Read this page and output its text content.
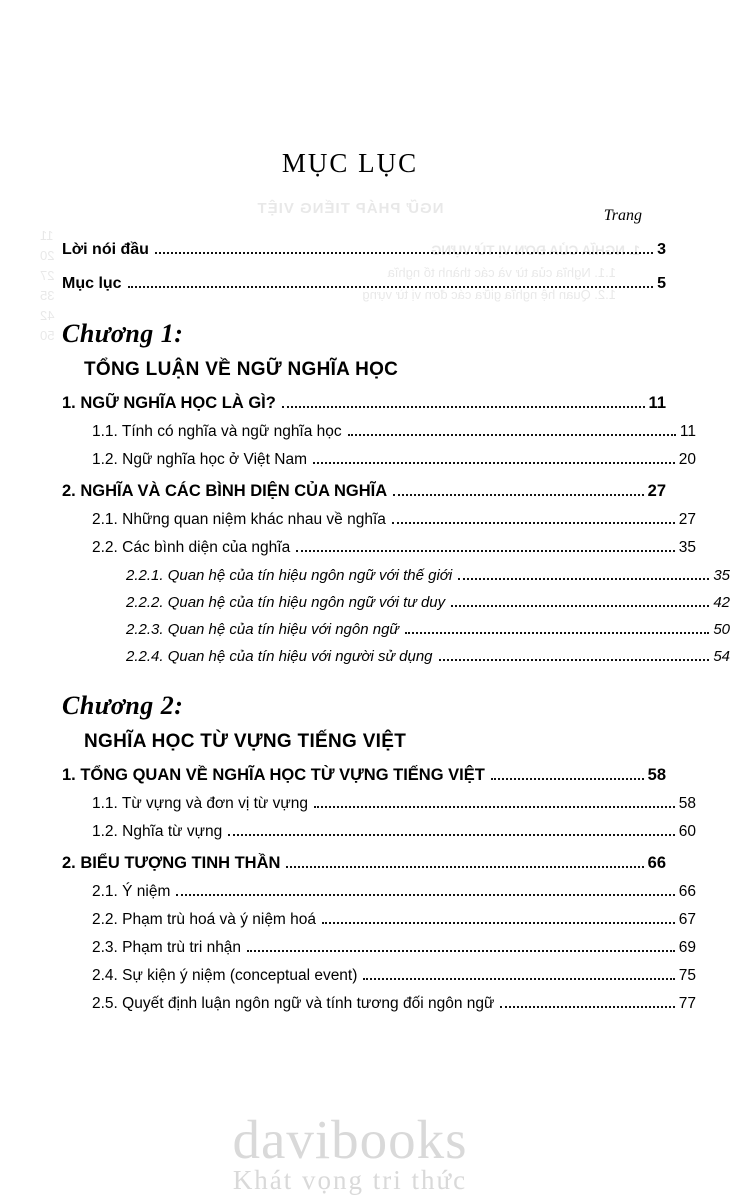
NGỮ PHÁP TIẾNG VIỆT
1. NGHĨA CỦA ĐƠN VỊ TỪ VỰNG
1.1. Nghĩa của từ và các thành tố nghĩa
1.2. Quan hệ nghĩa giữa các đơn vị từ vựng
11
20
27
35
42
50
MỤC LỤC
Trang
Lời nói đầu	3
Mục lục	5
Chương 1:
TỔNG LUẬN VỀ NGỮ NGHĨA HỌC
1. NGỮ NGHĨA HỌC LÀ GÌ?	11
1.1. Tính có nghĩa và ngữ nghĩa học	11
1.2. Ngữ nghĩa học ở Việt Nam	20
2. NGHĨA VÀ CÁC BÌNH DIỆN CỦA NGHĨA	27
2.1. Những quan niệm khác nhau về nghĩa	27
2.2. Các bình diện của nghĩa	35
2.2.1. Quan hệ của tín hiệu ngôn ngữ với thế giới	35
2.2.2. Quan hệ của tín hiệu ngôn ngữ với tư duy	42
2.2.3. Quan hệ của tín hiệu với ngôn ngữ	50
2.2.4. Quan hệ của tín hiệu với người sử dụng	54
Chương 2:
NGHĨA HỌC TỪ VỰNG TIẾNG VIỆT
1. TỔNG QUAN VỀ NGHĨA HỌC TỪ VỰNG TIẾNG VIỆT	58
1.1. Từ vựng và đơn vị từ vựng	58
1.2. Nghĩa từ vựng	60
2. BIỂU TƯỢNG TINH THẦN	66
2.1. Ý niệm	66
2.2. Phạm trù hoá và ý niệm hoá	67
2.3. Phạm trù tri nhận	69
2.4. Sự kiện ý niệm (conceptual event)	75
2.5. Quyết định luận ngôn ngữ và tính tương đối ngôn ngữ	77
davibooks
Khát vọng tri thức
